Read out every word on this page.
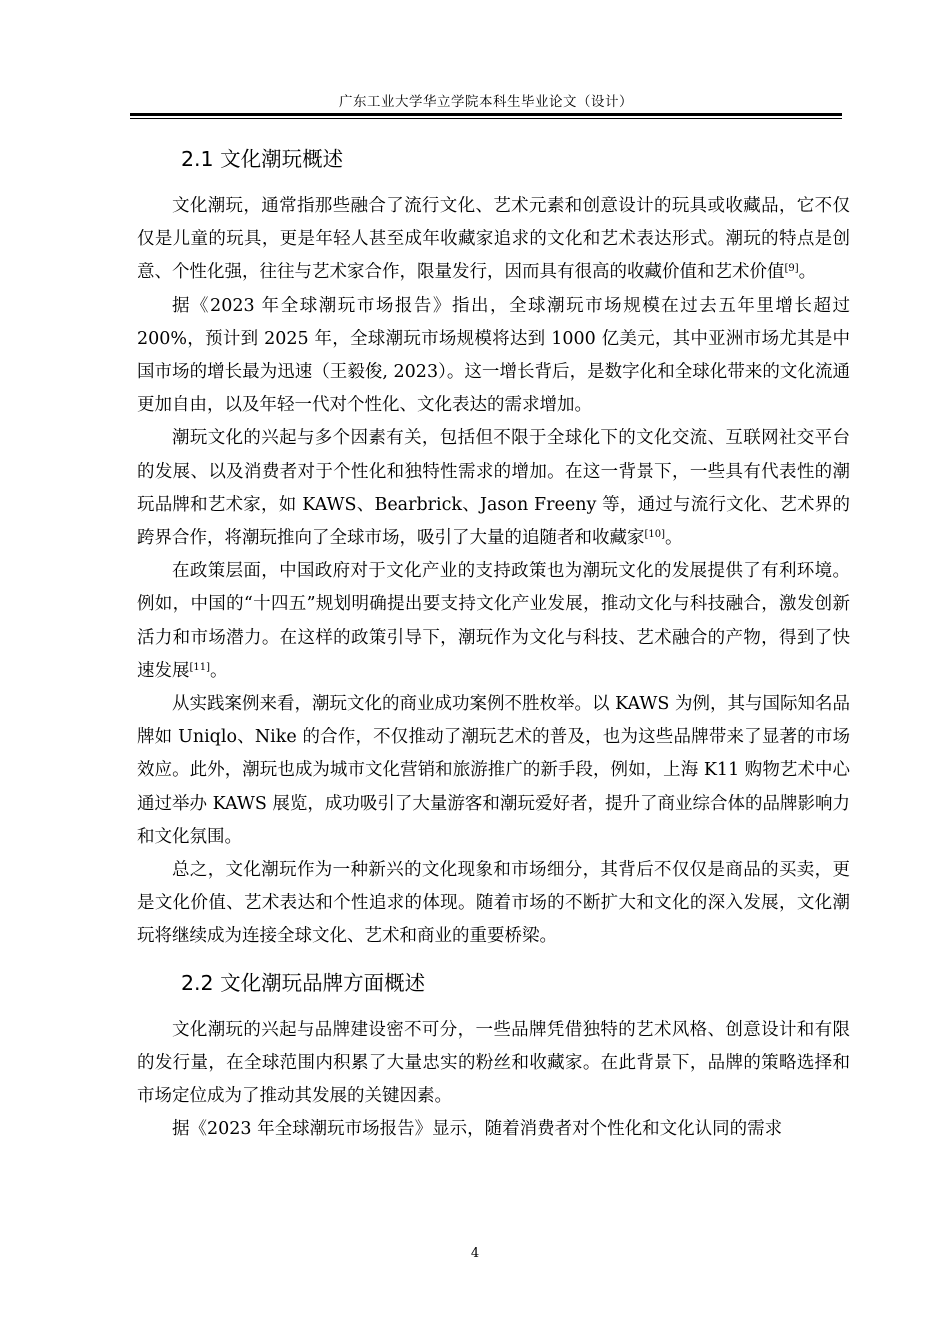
广东工业大学华立学院本科生毕业论文（设计）
2.1 文化潮玩概述

文化潮玩，通常指那些融合了流行文化、艺术元素和创意设计的玩具或收藏品，它不仅仅是儿童的玩具，更是年轻人甚至成年收藏家追求的文化和艺术表达形式。潮玩的特点是创意、个性化强，往往与艺术家合作，限量发行，因而具有很高的收藏价值和艺术价值[9]。

据《2023 年全球潮玩市场报告》指出，全球潮玩市场规模在过去五年里增长超过 200%，预计到 2025 年，全球潮玩市场规模将达到 1000 亿美元，其中亚洲市场尤其是中国市场的增长最为迅速（王毅俊, 2023）。这一增长背后，是数字化和全球化带来的文化流通更加自由，以及年轻一代对个性化、文化表达的需求增加。

潮玩文化的兴起与多个因素有关，包括但不限于全球化下的文化交流、互联网社交平台的发展、以及消费者对于个性化和独特性需求的增加。在这一背景下，一些具有代表性的潮玩品牌和艺术家，如 KAWS、Bearbrick、Jason Freeny 等，通过与流行文化、艺术界的跨界合作，将潮玩推向了全球市场，吸引了大量的追随者和收藏家[10]。

在政策层面，中国政府对于文化产业的支持政策也为潮玩文化的发展提供了有利环境。例如，中国的“十四五”规划明确提出要支持文化产业发展，推动文化与科技融合，激发创新活力和市场潜力。在这样的政策引导下，潮玩作为文化与科技、艺术融合的产物，得到了快速发展[11]。

从实践案例来看，潮玩文化的商业成功案例不胜枚举。以 KAWS 为例，其与国际知名品牌如 Uniqlo、Nike 的合作，不仅推动了潮玩艺术的普及，也为这些品牌带来了显著的市场效应。此外，潮玩也成为城市文化营销和旅游推广的新手段，例如，上海 K11 购物艺术中心通过举办 KAWS 展览，成功吸引了大量游客和潮玩爱好者，提升了商业综合体的品牌影响力和文化氛围。

总之，文化潮玩作为一种新兴的文化现象和市场细分，其背后不仅仅是商品的买卖，更是文化价值、艺术表达和个性追求的体现。随着市场的不断扩大和文化的深入发展，文化潮玩将继续成为连接全球文化、艺术和商业的重要桥梁。

2.2 文化潮玩品牌方面概述

文化潮玩的兴起与品牌建设密不可分，一些品牌凭借独特的艺术风格、创意设计和有限的发行量，在全球范围内积累了大量忠实的粉丝和收藏家。在此背景下，品牌的策略选择和市场定位成为了推动其发展的关键因素。

据《2023 年全球潮玩市场报告》显示，随着消费者对个性化和文化认同的需求

4
